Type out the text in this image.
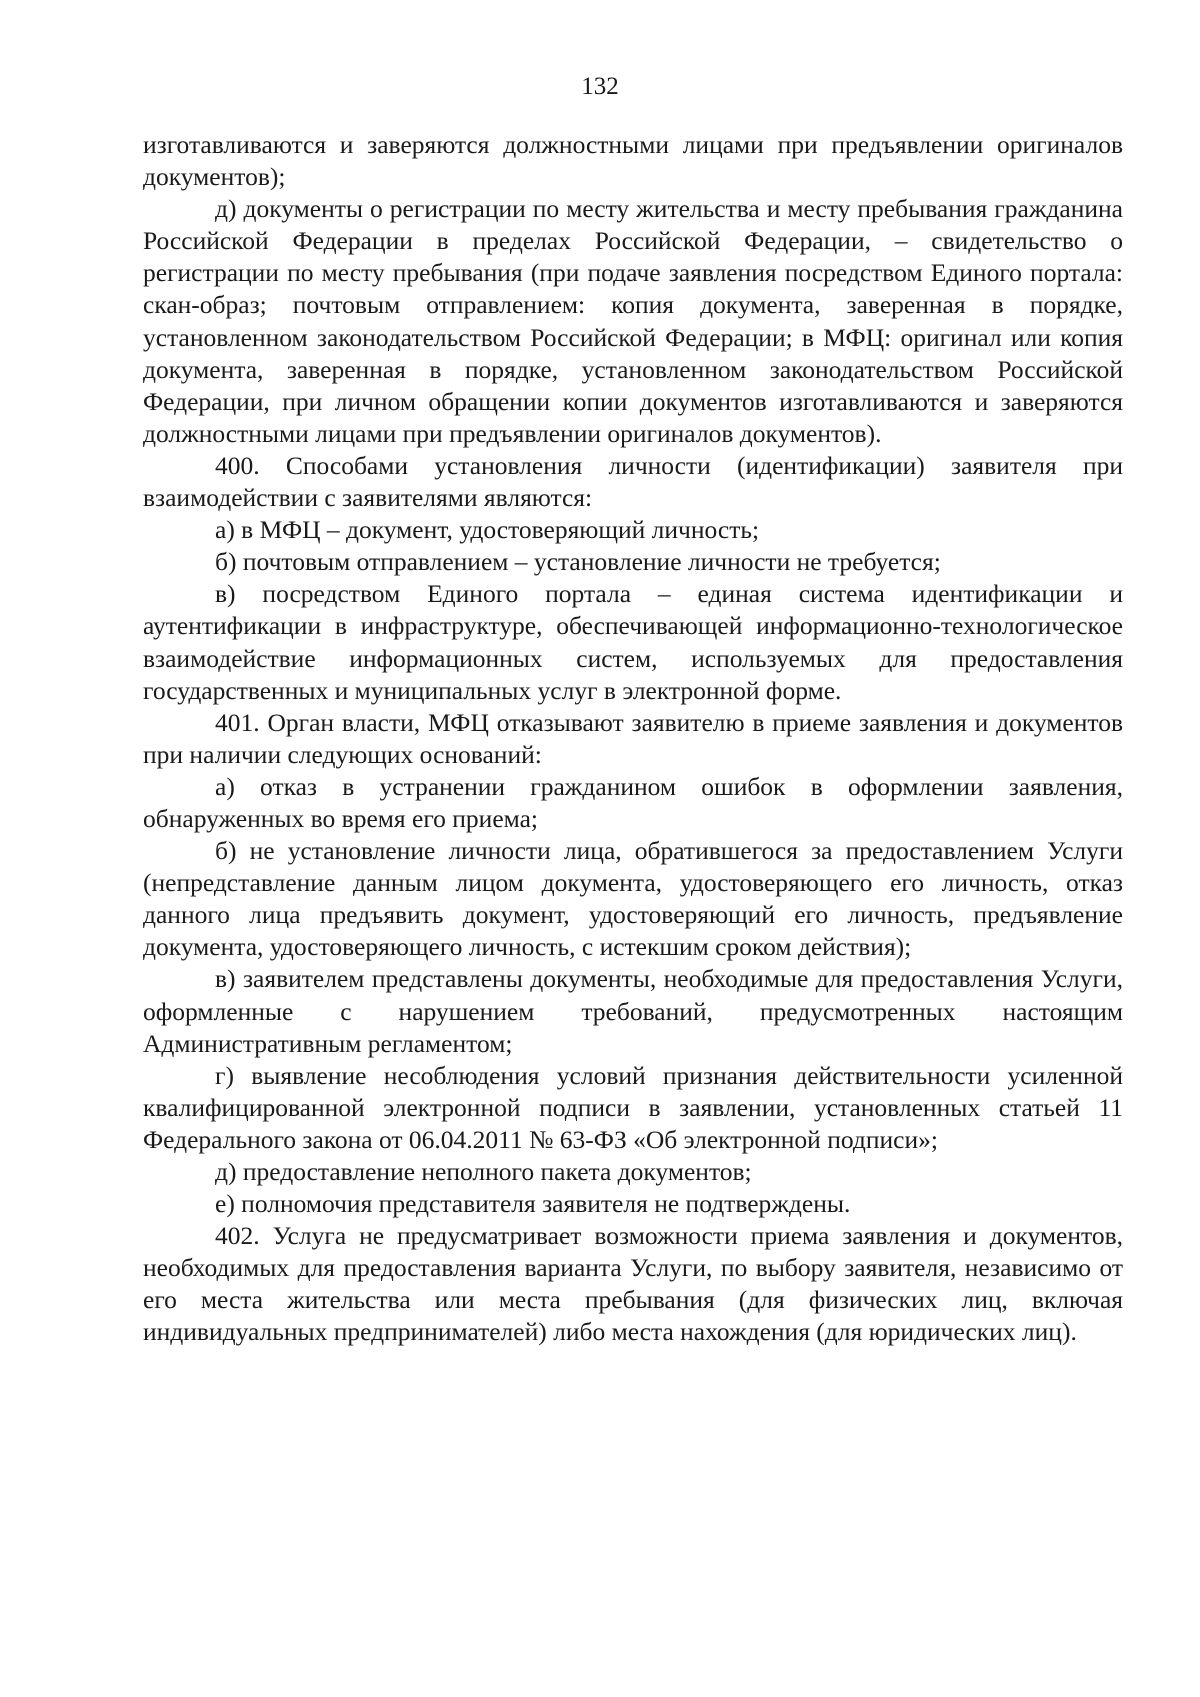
132

изготавливаются и заверяются должностными лицами при предъявлении оригиналов документов);

д) документы о регистрации по месту жительства и месту пребывания гражданина Российской Федерации в пределах Российской Федерации, – свидетельство о регистрации по месту пребывания (при подаче заявления посредством Единого портала: скан-образ; почтовым отправлением: копия документа, заверенная в порядке, установленном законодательством Российской Федерации; в МФЦ: оригинал или копия документа, заверенная в порядке, установленном законодательством Российской Федерации, при личном обращении копии документов изготавливаются и заверяются должностными лицами при предъявлении оригиналов документов).

400. Способами установления личности (идентификации) заявителя при взаимодействии с заявителями являются:

а) в МФЦ – документ, удостоверяющий личность;

б) почтовым отправлением – установление личности не требуется;

в) посредством Единого портала – единая система идентификации и аутентификации в инфраструктуре, обеспечивающей информационно-технологическое взаимодействие информационных систем, используемых для предоставления государственных и муниципальных услуг в электронной форме.

401. Орган власти, МФЦ отказывают заявителю в приеме заявления и документов при наличии следующих оснований:

а) отказ в устранении гражданином ошибок в оформлении заявления, обнаруженных во время его приема;

б) не установление личности лица, обратившегося за предоставлением Услуги (непредставление данным лицом документа, удостоверяющего его личность, отказ данного лица предъявить документ, удостоверяющий его личность, предъявление документа, удостоверяющего личность, с истекшим сроком действия);

в) заявителем представлены документы, необходимые для предоставления Услуги, оформленные с нарушением требований, предусмотренных настоящим Административным регламентом;

г) выявление несоблюдения условий признания действительности усиленной квалифицированной электронной подписи в заявлении, установленных статьей 11 Федерального закона от 06.04.2011 № 63-ФЗ «Об электронной подписи»;

д) предоставление неполного пакета документов;

е) полномочия представителя заявителя не подтверждены.

402. Услуга не предусматривает возможности приема заявления и документов, необходимых для предоставления варианта Услуги, по выбору заявителя, независимо от его места жительства или места пребывания (для физических лиц, включая индивидуальных предпринимателей) либо места нахождения (для юридических лиц).
